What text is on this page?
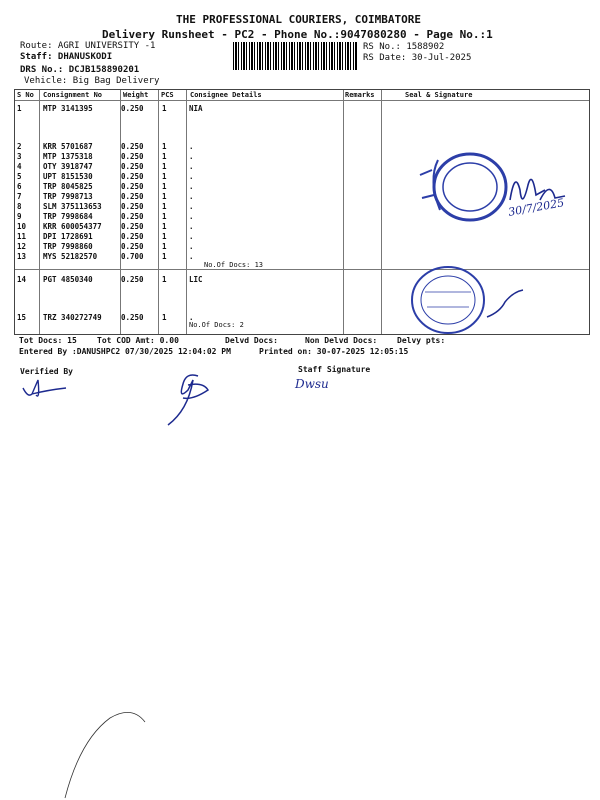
THE PROFESSIONAL COURIERS, COIMBATORE
Delivery Runsheet - PC2 - Phone No.:9047080280 - Page No.:1
Route: AGRI UNIVERSITY -1
Staff: DHANUSKODI
DRS No.: DCJB158890201
Vehicle: Big Bag Delivery
RS No.: 1588902
RS Date: 30-Jul-2025
S No Consignment No	Weight PCS Consignee Details	Remarks	Seal & Signature
1	MTP 3141395	0.250 1	NIA
2	KRR 5701687	0.250 1	.
3	MTP 1375318	0.250 1	.
4	OTY 3918747	0.250 1	.
5	UPT 8151530	0.250 1	.
6	TRP 8045825	0.250 1	.
7	TRP 7998713	0.250 1	.
8	SLM 375113653	0.250 1	.
9	TRP 7998684	0.250 1	.
10 KRR 600054377	0.250 1	.
11 DPI 1728691	0.250 1	.
12 TRP 7998860	0.250 1	.
13 MYS 52182570	0.700 1	.
14 PGT 4850340	0.250 1	LIC
15 TRZ 340272749	0.250 1	.
No.Of Docs: 13
No.Of Docs: 2
30/7/2025
Tot Docs: 15	Tot COD Amt: 0.00	Delvd Docs:	Non Delvd Docs: Delvy pts:
Entered By :DANUSHPC2 07/30/2025 12:04:02 PM	Printed on: 30-07-2025 12:05:15
Verified By	Staff Signature
Dwsu
